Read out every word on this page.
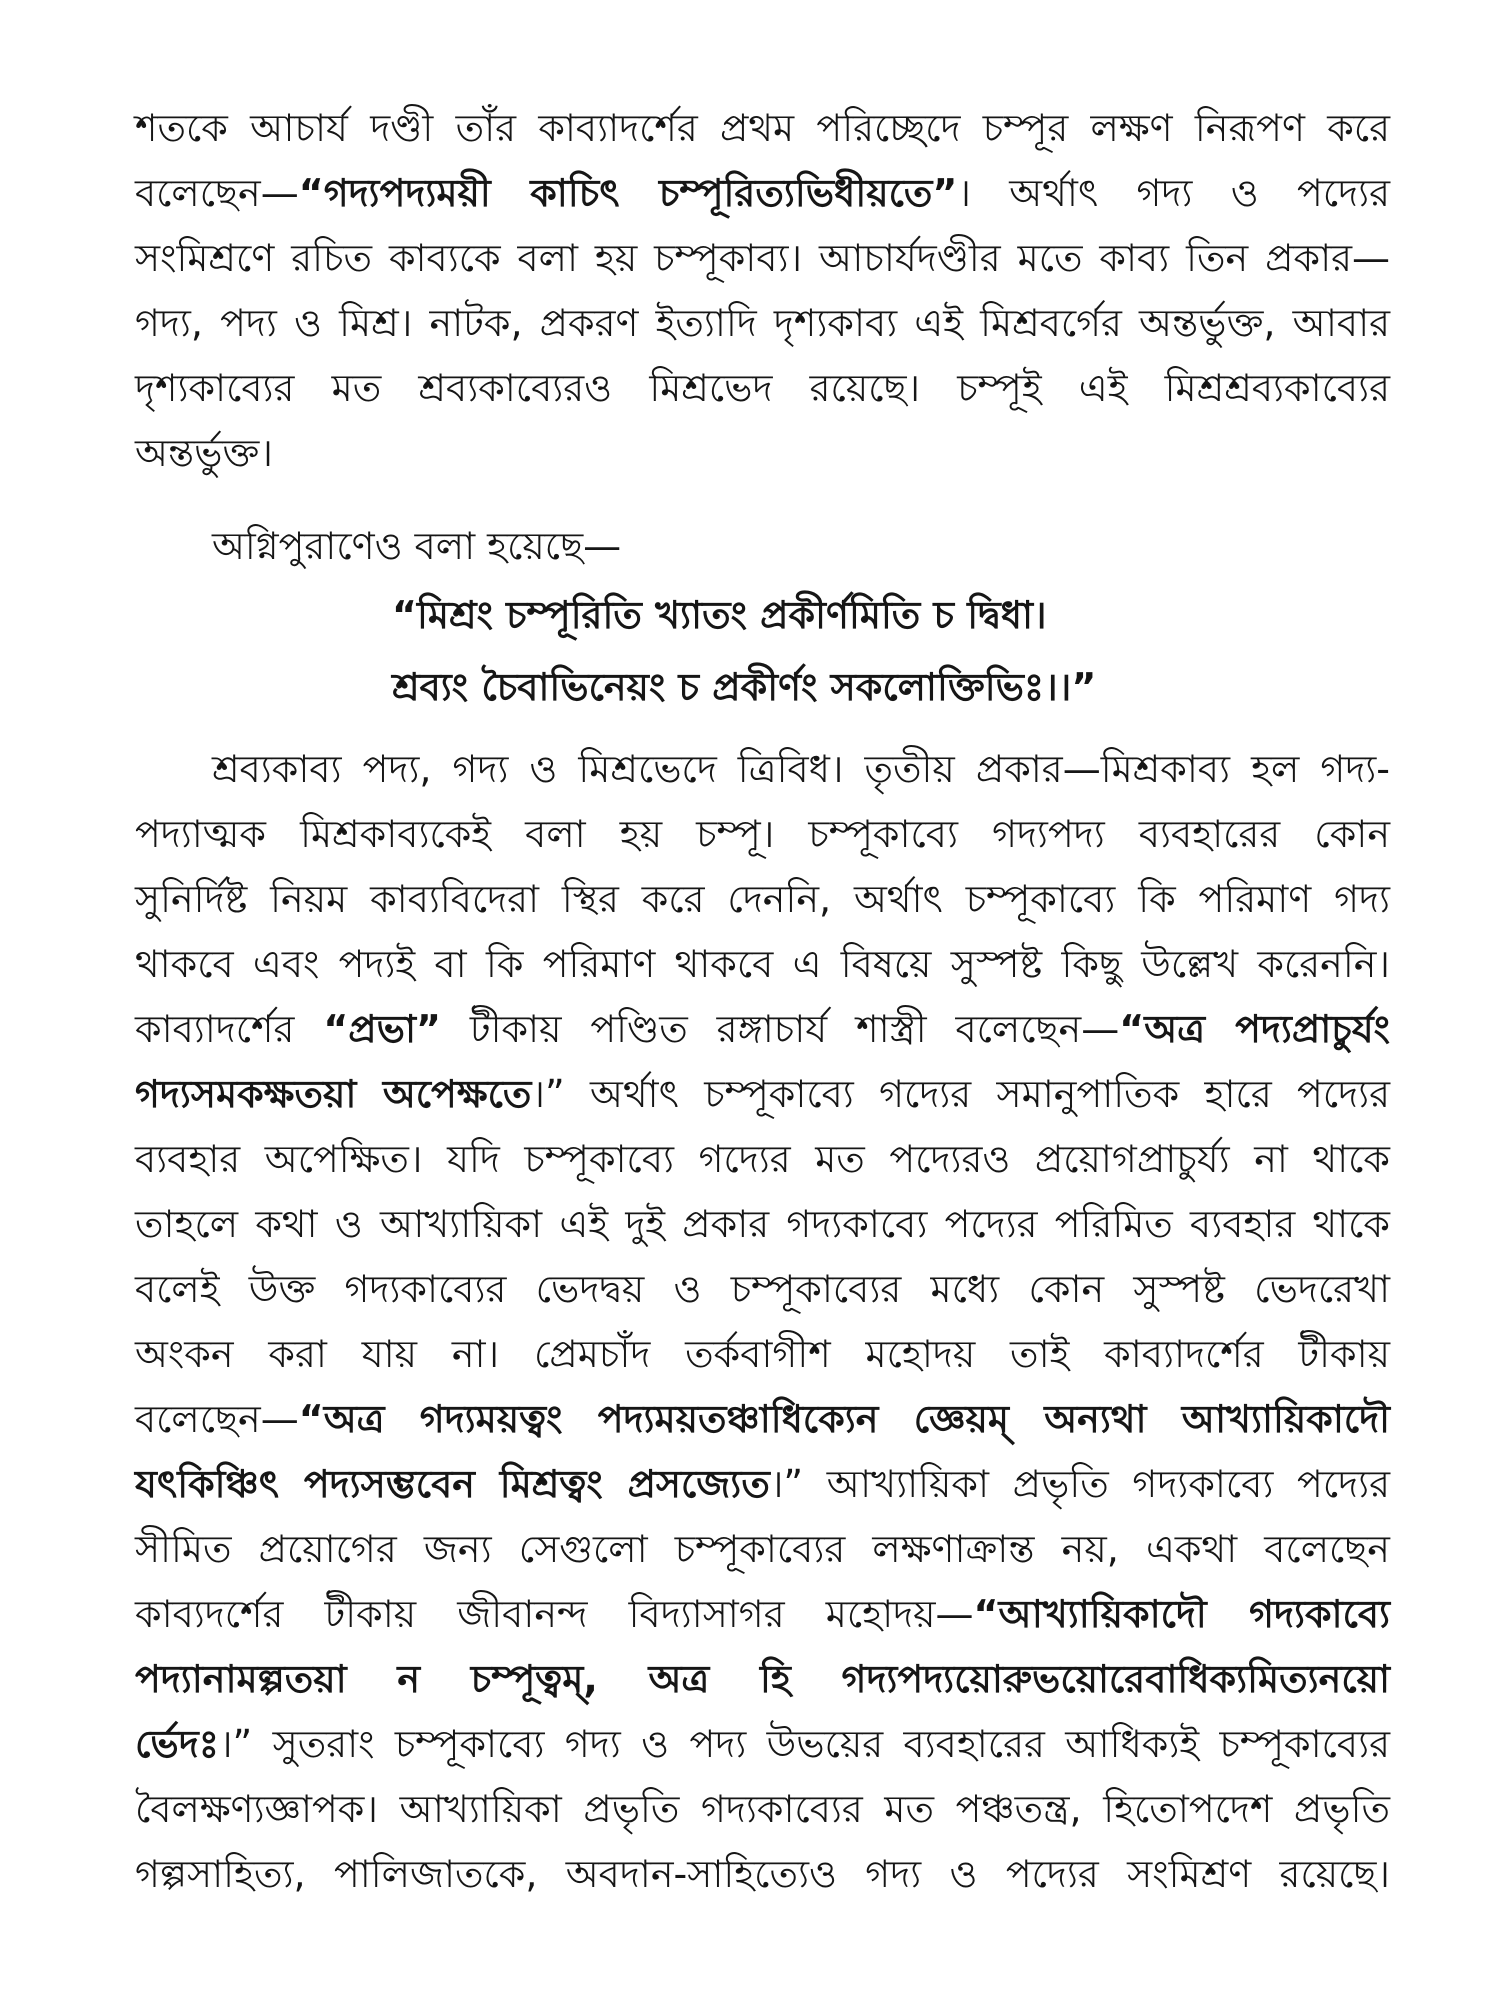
শতকে আচার্য দণ্ডী তাঁর কাব্যাদর্শের প্রথম পরিচ্ছেদে চম্পূর লক্ষণ নিরূপণ করে
বলেছেন—“গদ্যপদ্যময়ী কাচিৎ চম্পূরিত্যভিধীয়তে”। অর্থাৎ গদ্য ও পদ্যের
সংমিশ্রণে রচিত কাব্যকে বলা হয় চম্পূকাব্য। আচার্যদণ্ডীর মতে কাব্য তিন প্রকার—
গদ্য, পদ্য ও মিশ্র। নাটক, প্রকরণ ইত্যাদি দৃশ্যকাব্য এই মিশ্রবর্গের অন্তর্ভুক্ত, আবার
দৃশ্যকাব্যের মত শ্রব্যকাব্যেরও মিশ্রভেদ রয়েছে। চম্পূই এই মিশ্রশ্রব্যকাব্যের
অন্তর্ভুক্ত।
অগ্নিপুরাণেও বলা হয়েছে—
“মিশ্রং চম্পূরিতি খ্যাতং প্রকীর্ণমিতি চ দ্বিধা।
শ্রব্যং চৈবাভিনেয়ং চ প্রকীর্ণং সকলোক্তিভিঃ।।”
শ্রব্যকাব্য পদ্য, গদ্য ও মিশ্রভেদে ত্রিবিধ। তৃতীয় প্রকার—মিশ্রকাব্য হল গদ্য-
পদ্যাত্মক মিশ্রকাব্যকেই বলা হয় চম্পূ। চম্পূকাব্যে গদ্যপদ্য ব্যবহারের কোন
সুনির্দিষ্ট নিয়ম কাব্যবিদেরা স্থির করে দেননি, অর্থাৎ চম্পূকাব্যে কি পরিমাণ গদ্য
থাকবে এবং পদ্যই বা কি পরিমাণ থাকবে এ বিষয়ে সুস্পষ্ট কিছু উল্লেখ করেননি।
কাব্যাদর্শের “প্রভা” টীকায় পণ্ডিত রঙ্গাচার্য শাস্ত্রী বলেছেন—“অত্র পদ্যপ্রাচুর্যং
গদ্যসমকক্ষতয়া অপেক্ষতে।” অর্থাৎ চম্পূকাব্যে গদ্যের সমানুপাতিক হারে পদ্যের
ব্যবহার অপেক্ষিত। যদি চম্পূকাব্যে গদ্যের মত পদ্যেরও প্রয়োগপ্রাচুর্য্য না থাকে
তাহলে কথা ও আখ্যায়িকা এই দুই প্রকার গদ্যকাব্যে পদ্যের পরিমিত ব্যবহার থাকে
বলেই উক্ত গদ্যকাব্যের ভেদদ্বয় ও চম্পূকাব্যের মধ্যে কোন সুস্পষ্ট ভেদরেখা
অংকন করা যায় না। প্রেমচাঁদ তর্কবাগীশ মহোদয় তাই কাব্যাদর্শের টীকায়
বলেছেন—“অত্র গদ্যময়ত্বং পদ্যময়তঞ্চাধিক্যেন জ্ঞেয়ম্ অন্যথা আখ্যায়িকাদৌ
যৎকিঞ্চিৎ পদ্যসম্ভবেন মিশ্রত্বং প্রসজ্যেত।” আখ্যায়িকা প্রভৃতি গদ্যকাব্যে পদ্যের
সীমিত প্রয়োগের জন্য সেগুলো চম্পূকাব্যের লক্ষণাক্রান্ত নয়, একথা বলেছেন
কাব্যদর্শের টীকায় জীবানন্দ বিদ্যাসাগর মহোদয়—“আখ্যায়িকাদৌ গদ্যকাব্যে
পদ্যানামল্পতয়া ন চম্পূত্বম্, অত্র হি গদ্যপদ্যয়োরুভয়োরেবাধিক্যমিত্যনয়ো
র্ভেদঃ।” সুতরাং চম্পূকাব্যে গদ্য ও পদ্য উভয়ের ব্যবহারের আধিক্যই চম্পূকাব্যের
বৈলক্ষণ্যজ্ঞাপক। আখ্যায়িকা প্রভৃতি গদ্যকাব্যের মত পঞ্চতন্ত্র, হিতোপদেশ প্রভৃতি
গল্পসাহিত্য, পালিজাতকে, অবদান-সাহিত্যেও গদ্য ও পদ্যের সংমিশ্রণ রয়েছে।
